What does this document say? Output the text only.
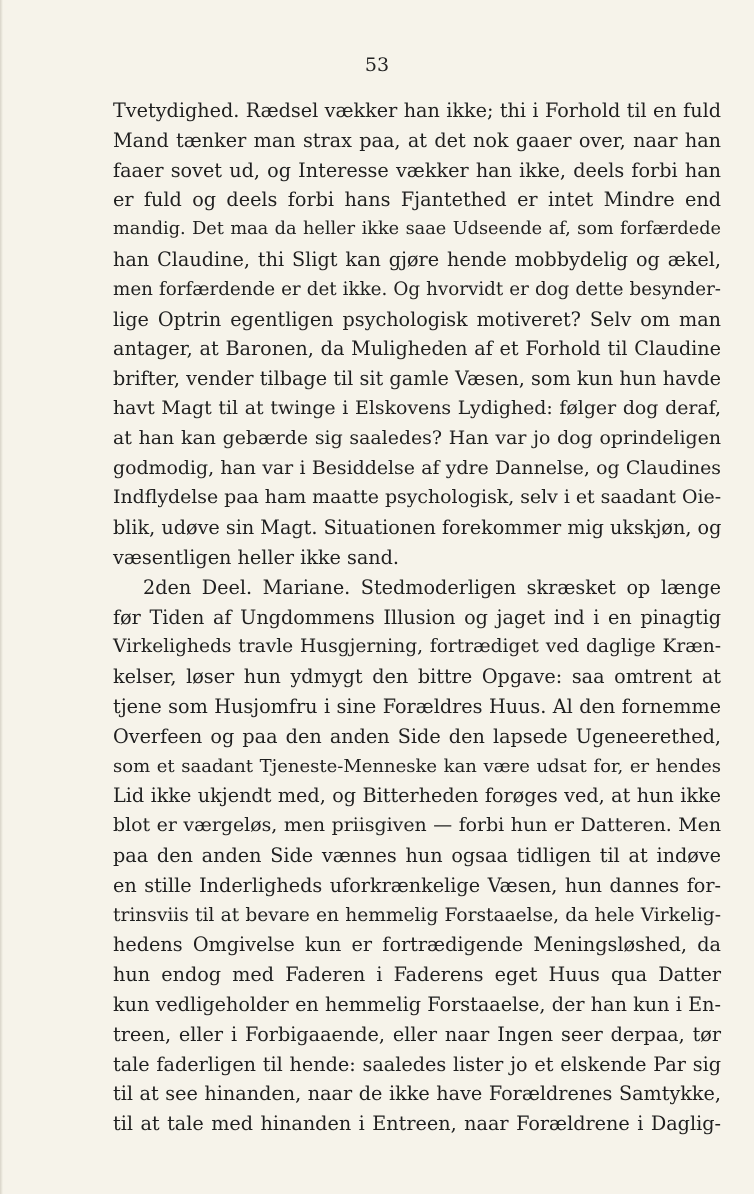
53
Tvetydighed. Rædsel vækker han ikke; thi i Forhold til en fuld
Mand tænker man strax paa, at det nok gaaer over, naar han
faaer sovet ud, og Interesse vækker han ikke, deels forbi han
er fuld og deels forbi hans Fjantethed er intet Mindre end
mandig. Det maa da heller ikke saae Udseende af, som forfærdede
han Claudine, thi Sligt kan gjøre hende mobbydelig og ækel,
men forfærdende er det ikke. Og hvorvidt er dog dette besynder-
lige Optrin egentligen psychologisk motiveret? Selv om man
antager, at Baronen, da Muligheden af et Forhold til Claudine
brifter, vender tilbage til sit gamle Væsen, som kun hun havde
havt Magt til at twinge i Elskovens Lydighed: følger dog deraf,
at han kan gebærde sig saaledes? Han var jo dog oprindeligen
godmodig, han var i Besiddelse af ydre Dannelse, og Claudines
Indflydelse paa ham maatte psychologisk, selv i et saadant Oie-
blik, udøve sin Magt. Situationen forekommer mig ukskjøn, og
væsentligen heller ikke sand.
2den Deel. Mariane. Stedmoderligen skræsket op længe
før Tiden af Ungdommens Illusion og jaget ind i en pinagtig
Virkeligheds travle Husgjerning, fortrædiget ved daglige Kræn-
kelser, løser hun ydmygt den bittre Opgave: saa omtrent at
tjene som Husjomfru i sine Forældres Huus. Al den fornemme
Overfeen og paa den anden Side den lapsede Ugeneerethed,
som et saadant Tjeneste-Menneske kan være udsat for, er hendes
Lid ikke ukjendt med, og Bitterheden forøges ved, at hun ikke
blot er værgeløs, men priisgiven — forbi hun er Datteren. Men
paa den anden Side vænnes hun ogsaa tidligen til at indøve
en stille Inderligheds uforkrænkelige Væsen, hun dannes for-
trinsviis til at bevare en hemmelig Forstaaelse, da hele Virkelig-
hedens Omgivelse kun er fortrædigende Meningsløshed, da
hun endog med Faderen i Faderens eget Huus qua Datter
kun vedligeholder en hemmelig Forstaaelse, der han kun i En-
treen, eller i Forbigaaende, eller naar Ingen seer derpaa, tør
tale faderligen til hende: saaledes lister jo et elskende Par sig
til at see hinanden, naar de ikke have Forældrenes Samtykke,
til at tale med hinanden i Entreen, naar Forældrene i Daglig-
